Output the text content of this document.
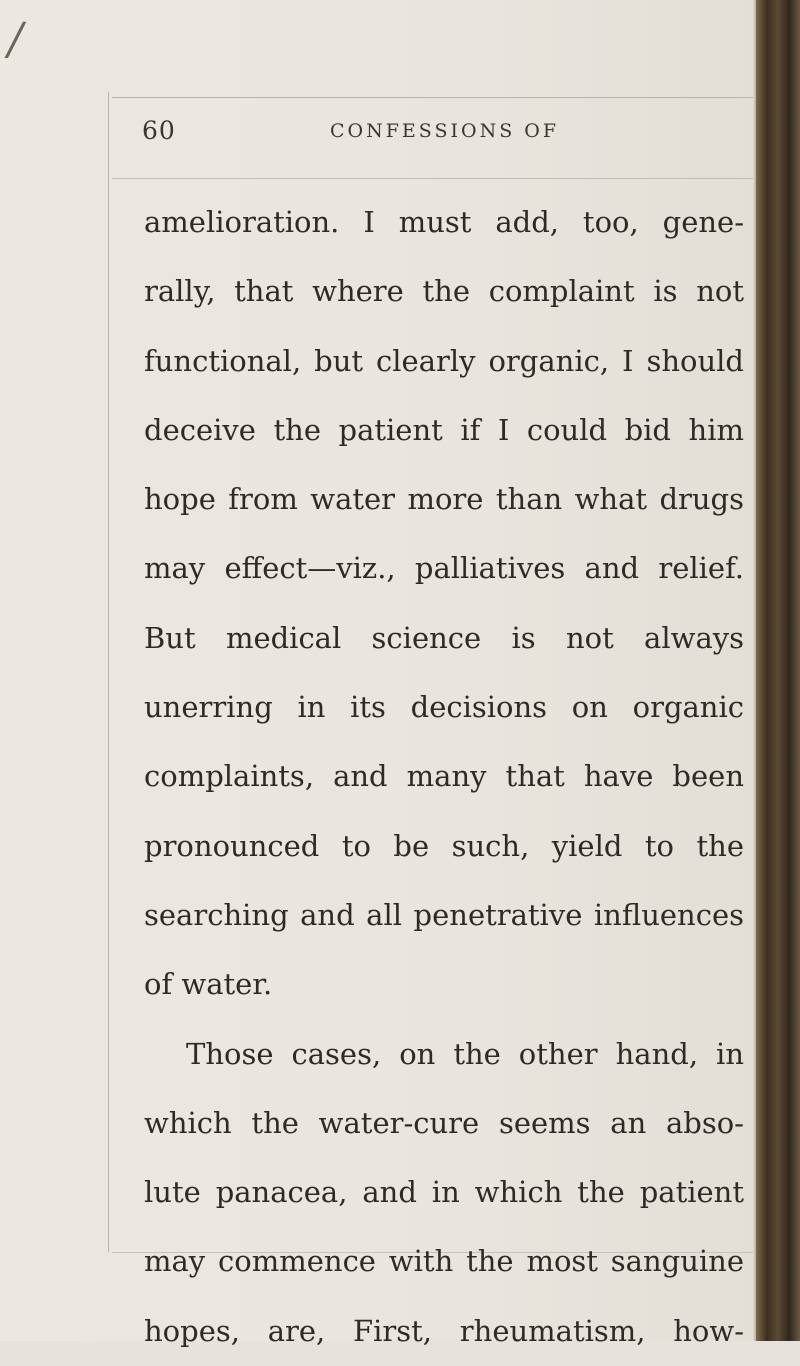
/
60	CONFESSIONS OF
amelioration. I must add, too, gene-
rally, that where the complaint is not
functional, but clearly organic, I should
deceive the patient if I could bid him
hope from water more than what drugs
may effect—viz., palliatives and relief.
But medical science is not always
unerring in its decisions on organic
complaints, and many that have been
pronounced to be such, yield to the
searching and all penetrative influences
of water.
Those cases, on the other hand, in
which the water-cure seems an abso-
lute panacea, and in which the patient
may commence with the most sanguine
hopes, are, First, rheumatism, how-
